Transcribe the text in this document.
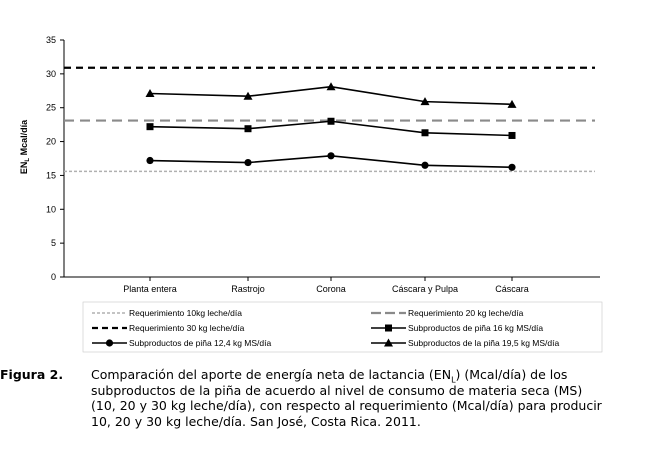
0
5
10
15
20
25
30
35
Planta entera	Rastrojo	Corona	Cáscara y Pulpa	Cáscara
$EN_L$ Mcal/día
Requerimiento 10kg leche/día	Requerimiento 20 kg leche/día
Requerimiento 30 kg leche/día	Subproductos de piña 16 kg MS/día
Subproductos de piña 12,4 kg MS/día	Subproductos de la piña 19,5 kg MS/día
Figura 2. Comparación del aporte de energía neta de lactancia $(EN_L)$ (Mcal/día) de los
subproductos de la piña de acuerdo al nivel de consumo de materia seca (MS)
(10, 20 y 30 kg leche/día), con respecto al requerimiento (Mcal/día) para producir
10, 20 y 30 kg leche/día. San José, Costa Rica. 2011.
